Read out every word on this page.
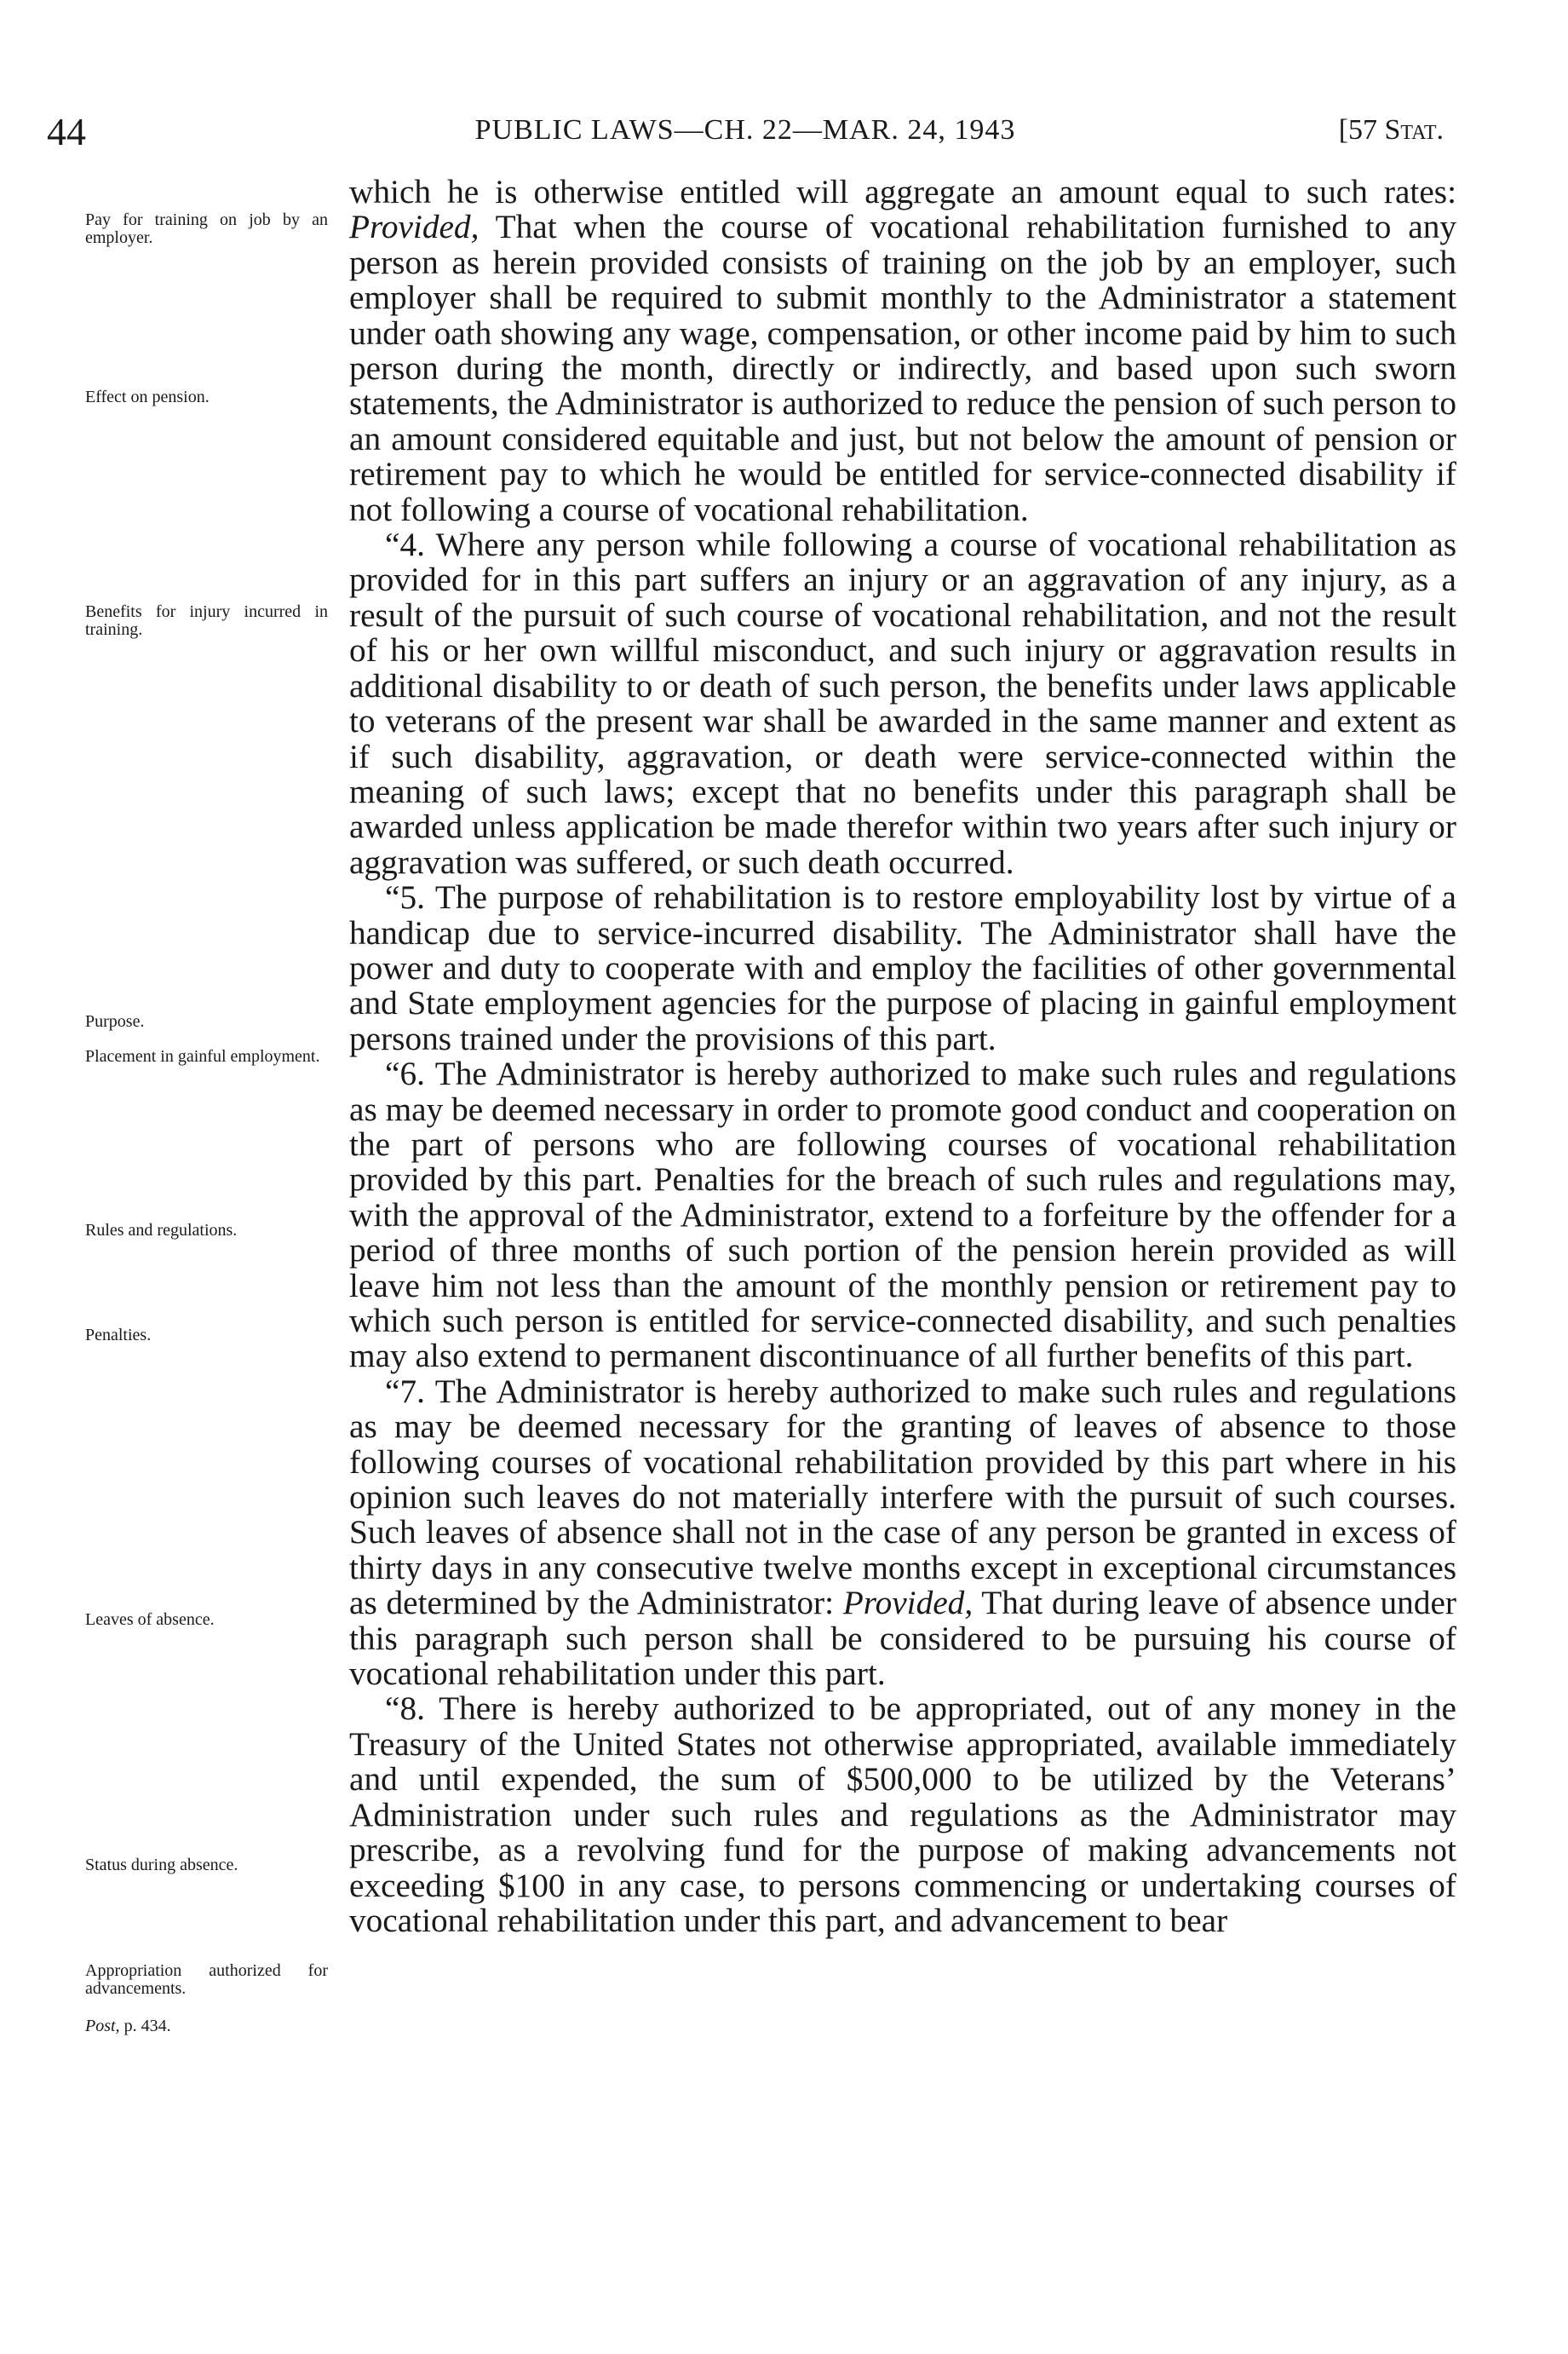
44	PUBLIC LAWS—CH. 22—MAR. 24, 1943	[57 Stat.
Pay for training on job by an employer.
Effect on pension.
Benefits for injury incurred in training.
Purpose.
Placement in gainful employment.
Rules and regulations.
Penalties.
Leaves of absence.
Status during absence.
Appropriation authorized for advancements.
Post, p. 434.

which he is otherwise entitled will aggregate an amount equal to such rates: Provided, That when the course of vocational rehabilitation furnished to any person as herein provided consists of training on the job by an employer, such employer shall be required to submit monthly to the Administrator a statement under oath showing any wage, compensation, or other income paid by him to such person during the month, directly or indirectly, and based upon such sworn statements, the Administrator is authorized to reduce the pension of such person to an amount considered equitable and just, but not below the amount of pension or retirement pay to which he would be entitled for service-connected disability if not following a course of vocational rehabilitation.

“4. Where any person while following a course of vocational rehabilitation as provided for in this part suffers an injury or an aggravation of any injury, as a result of the pursuit of such course of vocational rehabilitation, and not the result of his or her own willful misconduct, and such injury or aggravation results in additional disability to or death of such person, the benefits under laws applicable to veterans of the present war shall be awarded in the same manner and extent as if such disability, aggravation, or death were service-connected within the meaning of such laws; except that no benefits under this paragraph shall be awarded unless application be made therefor within two years after such injury or aggravation was suffered, or such death occurred.

“5. The purpose of rehabilitation is to restore employability lost by virtue of a handicap due to service-incurred disability. The Administrator shall have the power and duty to cooperate with and employ the facilities of other governmental and State employment agencies for the purpose of placing in gainful employment persons trained under the provisions of this part.

“6. The Administrator is hereby authorized to make such rules and regulations as may be deemed necessary in order to promote good conduct and cooperation on the part of persons who are following courses of vocational rehabilitation provided by this part. Penalties for the breach of such rules and regulations may, with the approval of the Administrator, extend to a forfeiture by the offender for a period of three months of such portion of the pension herein provided as will leave him not less than the amount of the monthly pension or retirement pay to which such person is entitled for service-connected disability, and such penalties may also extend to permanent discontinuance of all further benefits of this part.

“7. The Administrator is hereby authorized to make such rules and regulations as may be deemed necessary for the granting of leaves of absence to those following courses of vocational rehabilitation provided by this part where in his opinion such leaves do not materially interfere with the pursuit of such courses. Such leaves of absence shall not in the case of any person be granted in excess of thirty days in any consecutive twelve months except in exceptional circumstances as determined by the Administrator: Provided, That during leave of absence under this paragraph such person shall be considered to be pursuing his course of vocational rehabilitation under this part.

“8. There is hereby authorized to be appropriated, out of any money in the Treasury of the United States not otherwise appropriated, available immediately and until expended, the sum of $500,000 to be utilized by the Veterans’ Administration under such rules and regulations as the Administrator may prescribe, as a revolving fund for the purpose of making advancements not exceeding $100 in any case, to persons commencing or undertaking courses of vocational rehabilitation under this part, and advancement to bear
